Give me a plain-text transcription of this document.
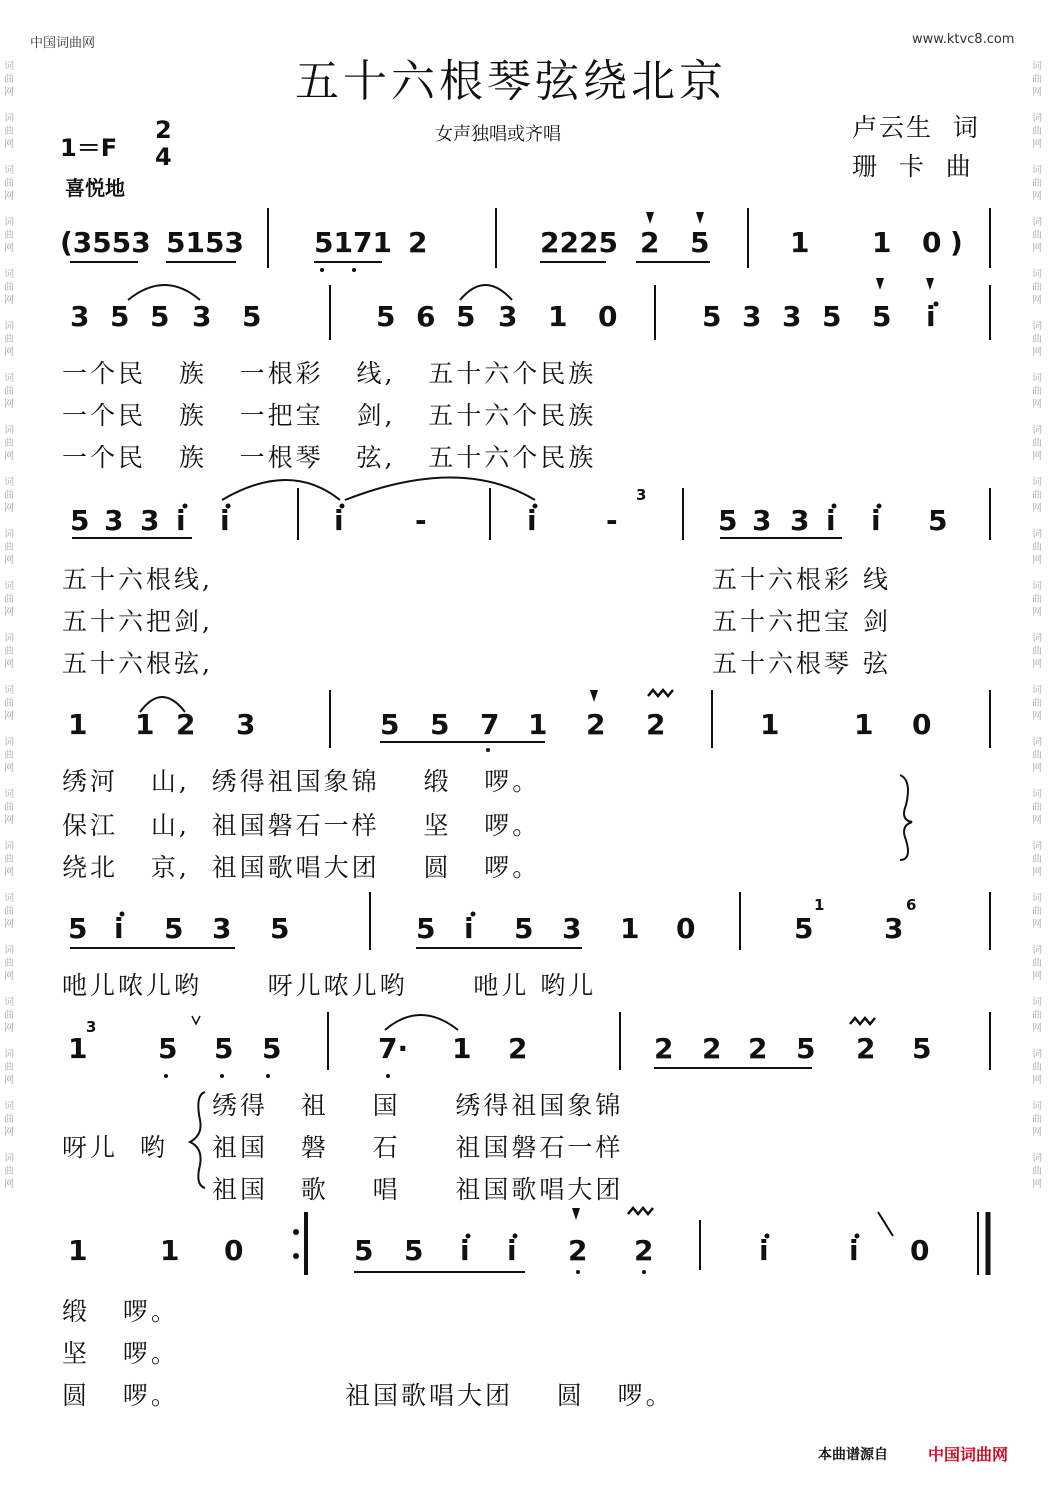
中国词曲网	www.ktvc8.com
词
曲
网

词
曲
网

词
曲
网

词
曲
网

词
曲
网

词
曲
网

词
曲
网

词
曲
网

词
曲
网

词
曲
网

词
曲
网

词
曲
网

词
曲
网

词
曲
网

词
曲
网

词
曲
网

词
曲
网

词
曲
网

词
曲
网

词
曲
网

词
曲
网

词
曲
网

词
曲
网

词
曲
网

词
曲
网

词
曲
网

词
曲
网

词
曲
网

词
曲
网

词
曲
网

词
曲
网

词
曲
网

词
曲
网

词
曲
网

词
曲
网

词
曲
网

词
曲
网

词
曲
网

词
曲
网

词
曲
网

词
曲
网

词
曲
网

词
曲
网

词
曲
网

五十六根琴弦绕北京
女声独唱或齐唱	卢云生  词
珊  卡  曲
1＝F
2
4
喜悦地
(3553 5153	5171 2	2225 2 5	1 1 0 )
3 5 5 3 5	5 6 5 3 1 0	5 3 3 5 5 i
一个民   族   一根彩   线,   五十六个民族
一个民   族   一把宝   剑,   五十六个民族
一个民   族   一根琴   弦,   五十六个民族
5 3 3 i i	i	-	i -
3
5 3 3 i i 5
五十六根线,
五十六把剑,
五十六根弦,
五十六根彩 线
五十六把宝 剑
五十六根琴 弦
1 1 2 3	5 5 7 1 2 2	1	1 0
绣河   山,  绣得祖国象锦    缎   啰。
保江   山,  祖国磐石一样    坚   啰。
绕北   京,  祖国歌唱大团    圆   啰。
5 i 5 3 5	5 i 5 3 1 0	5
1
3
6
吔儿哝儿哟      呀儿哝儿哟      吔儿 哟儿
1
3
5 5 5	7· 1 2	2 2 2 5 2 5
呀儿  哟
绣得   祖    国     绣得祖国象锦
祖国   磐    石     祖国磐石一样
祖国   歌    唱     祖国歌唱大团
1	1 0	5 5 i i 2 2	i	i 0
缎   啰。
坚   啰。
圆   啰。	祖国歌唱大团    圆   啰。
本曲谱源自	中国词曲网
